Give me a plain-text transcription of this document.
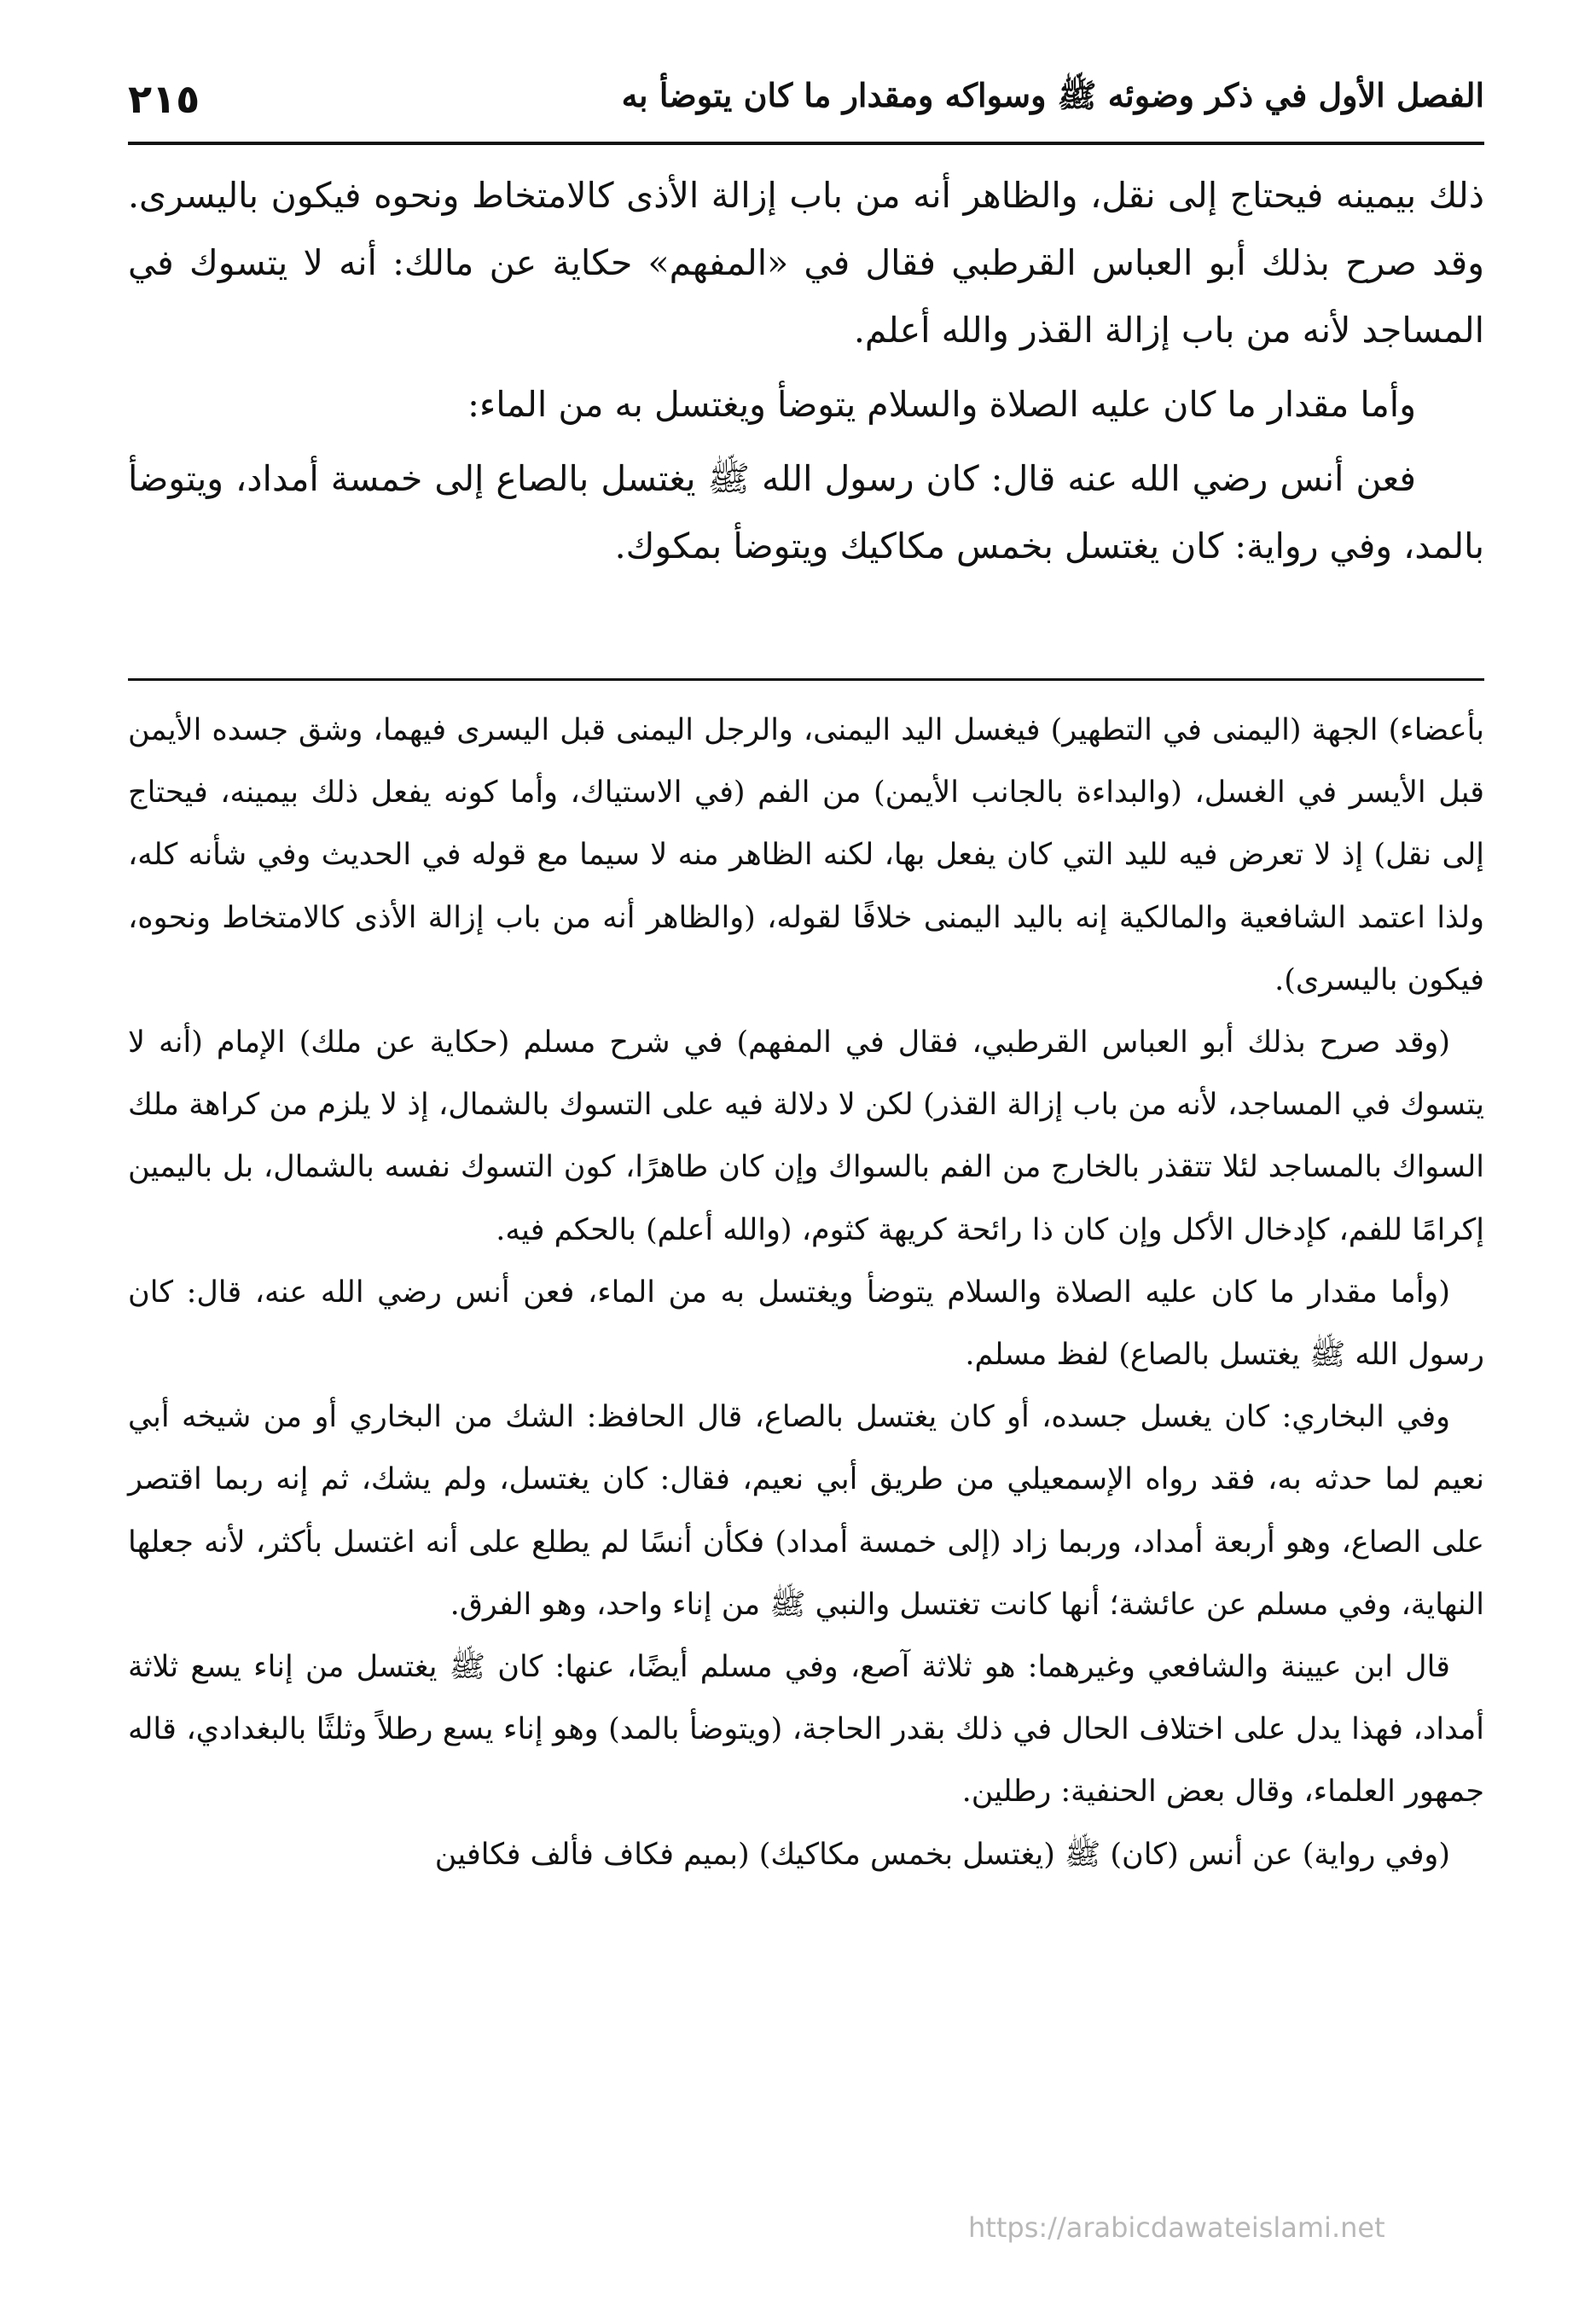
الفصل الأول في ذكر وضوئه ﷺ وسواكه ومقدار ما كان يتوضأ به
٢١٥

ذلك بيمينه فيحتاج إلى نقل، والظاهر أنه من باب إزالة الأذى كالامتخاط ونحوه فيكون باليسرى. وقد صرح بذلك أبو العباس القرطبي فقال في «المفهم» حكاية عن مالك: أنه لا يتسوك في المساجد لأنه من باب إزالة القذر والله أعلم.

وأما مقدار ما كان عليه الصلاة والسلام يتوضأ ويغتسل به من الماء:

فعن أنس رضي الله عنه قال: كان رسول الله ﷺ يغتسل بالصاع إلى خمسة أمداد، ويتوضأ بالمد، وفي رواية: كان يغتسل بخمس مكاكيك ويتوضأ بمكوك.

بأعضاء) الجهة (اليمنى في التطهير) فيغسل اليد اليمنى، والرجل اليمنى قبل اليسرى فيهما، وشق جسده الأيمن قبل الأيسر في الغسل، (والبداءة بالجانب الأيمن) من الفم (في الاستياك، وأما كونه يفعل ذلك بيمينه، فيحتاج إلى نقل) إذ لا تعرض فيه لليد التي كان يفعل بها، لكنه الظاهر منه لا سيما مع قوله في الحديث وفي شأنه كله، ولذا اعتمد الشافعية والمالكية إنه باليد اليمنى خلافًا لقوله، (والظاهر أنه من باب إزالة الأذى كالامتخاط ونحوه، فيكون باليسرى).

(وقد صرح بذلك أبو العباس القرطبي، فقال في المفهم) في شرح مسلم (حكاية عن ملك) الإمام (أنه لا يتسوك في المساجد، لأنه من باب إزالة القذر) لكن لا دلالة فيه على التسوك بالشمال، إذ لا يلزم من كراهة ملك السواك بالمساجد لئلا تتقذر بالخارج من الفم بالسواك وإن كان طاهرًا، كون التسوك نفسه بالشمال، بل باليمين إكرامًا للفم، كإدخال الأكل وإن كان ذا رائحة كريهة كثوم، (والله أعلم) بالحكم فيه.

(وأما مقدار ما كان عليه الصلاة والسلام يتوضأ ويغتسل به من الماء، فعن أنس رضي الله عنه، قال: كان رسول الله ﷺ يغتسل بالصاع) لفظ مسلم.

وفي البخاري: كان يغسل جسده، أو كان يغتسل بالصاع، قال الحافظ: الشك من البخاري أو من شيخه أبي نعيم لما حدثه به، فقد رواه الإسمعيلي من طريق أبي نعيم، فقال: كان يغتسل، ولم يشك، ثم إنه ربما اقتصر على الصاع، وهو أربعة أمداد، وربما زاد (إلى خمسة أمداد) فكأن أنسًا لم يطلع على أنه اغتسل بأكثر، لأنه جعلها النهاية، وفي مسلم عن عائشة؛ أنها كانت تغتسل والنبي ﷺ من إناء واحد، وهو الفرق.

قال ابن عيينة والشافعي وغيرهما: هو ثلاثة آصع، وفي مسلم أيضًا، عنها: كان ﷺ يغتسل من إناء يسع ثلاثة أمداد، فهذا يدل على اختلاف الحال في ذلك بقدر الحاجة، (ويتوضأ بالمد) وهو إناء يسع رطلاً وثلثًا بالبغدادي، قاله جمهور العلماء، وقال بعض الحنفية: رطلين.

(وفي رواية) عن أنس (كان) ﷺ (يغتسل بخمس مكاكيك) (بميم فكاف فألف فكافين

https://arabicdawateislami.net
